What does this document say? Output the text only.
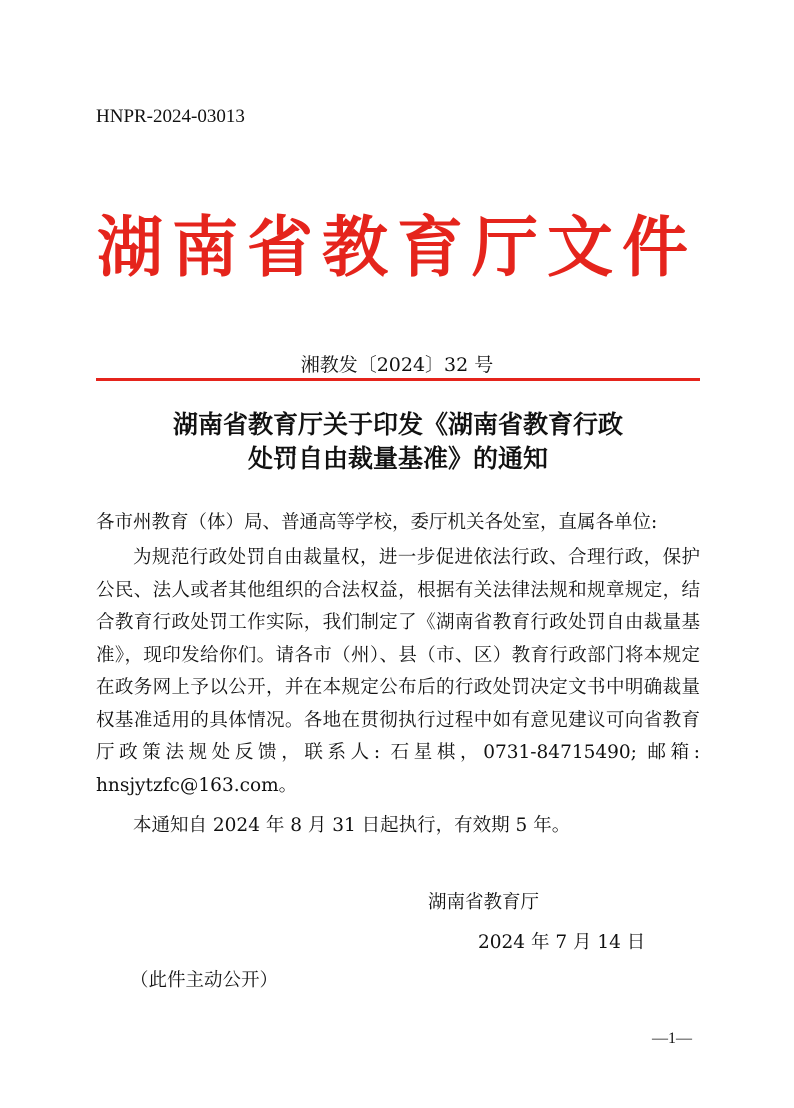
HNPR-2024-03013
湖南省教育厅文件
湘教发〔2024〕32 号
湖南省教育厅关于印发《湖南省教育行政
处罚自由裁量基准》的通知
各市州教育（体）局、普通高等学校，委厅机关各处室，直属各单位:

为规范行政处罚自由裁量权，进一步促进依法行政、合理行政，保护公民、法人或者其他组织的合法权益，根据有关法律法规和规章规定，结合教育行政处罚工作实际，我们制定了《湖南省教育行政处罚自由裁量基准》，现印发给你们。请各市（州）、县（市、区）教育行政部门将本规定在政务网上予以公开，并在本规定公布后的行政处罚决定文书中明确裁量权基准适用的具体情况。各地在贯彻执行过程中如有意见建议可向省教育厅政策法规处反馈，联系人: 石星棋，0731-84715490; 邮箱: hnsjytzfc@163.com。

本通知自 2024 年 8 月 31 日起执行，有效期 5 年。

湖南省教育厅
2024 年 7 月 14 日
（此件主动公开）
—1—
